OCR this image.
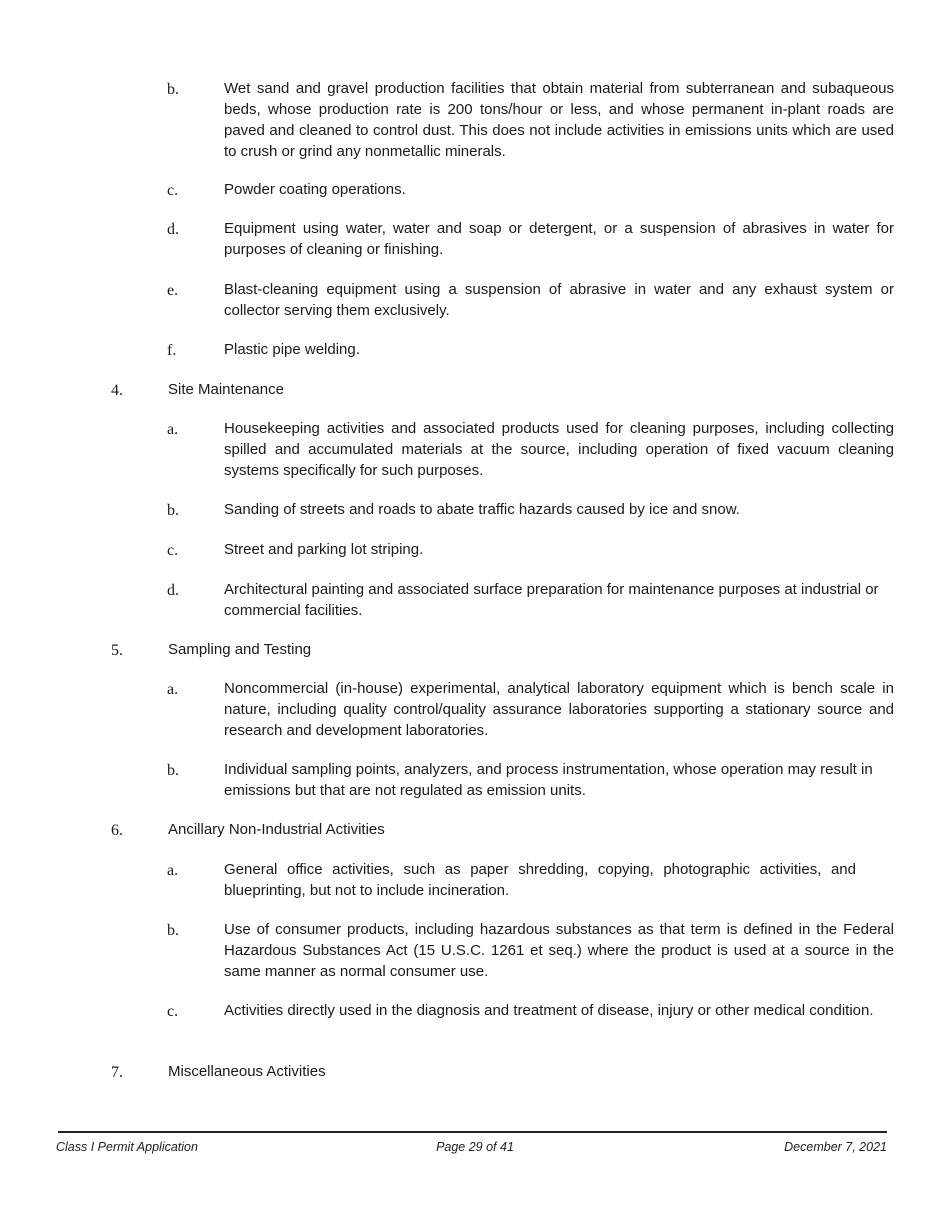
b.	Wet sand and gravel production facilities that obtain material from subterranean and subaqueous beds, whose production rate is 200 tons/hour or less, and whose permanent in-plant roads are paved and cleaned to control dust. This does not include activities in emissions units which are used to crush or grind any nonmetallic minerals.
c.	Powder coating operations.
d.	Equipment using water, water and soap or detergent, or a suspension of abrasives in water for purposes of cleaning or finishing.
e.	Blast-cleaning equipment using a suspension of abrasive in water and any exhaust system or collector serving them exclusively.
f.	Plastic pipe welding.
4.	Site Maintenance
a.	Housekeeping activities and associated products used for cleaning purposes, including collecting spilled and accumulated materials at the source, including operation of fixed vacuum cleaning systems specifically for such purposes.
b.	Sanding of streets and roads to abate traffic hazards caused by ice and snow.
c.	Street and parking lot striping.
d.	Architectural painting and associated surface preparation for maintenance purposes at industrial or commercial facilities.
5.	Sampling and Testing
a.	Noncommercial (in-house) experimental, analytical laboratory equipment which is bench scale in nature, including quality control/quality assurance laboratories supporting a stationary source and research and development laboratories.
b.	Individual sampling points, analyzers, and process instrumentation, whose operation may result in emissions but that are not regulated as emission units.
6.	Ancillary Non-Industrial Activities
a.	General office activities, such as paper shredding, copying, photographic activities, and blueprinting, but not to include incineration.
b.	Use of consumer products, including hazardous substances as that term is defined in the Federal Hazardous Substances Act (15 U.S.C. 1261 et seq.) where the product is used at a source in the same manner as normal consumer use.
c.	Activities directly used in the diagnosis and treatment of disease, injury or other medical condition.
7.	Miscellaneous Activities
Class I Permit Application	Page 29 of 41	December 7, 2021
